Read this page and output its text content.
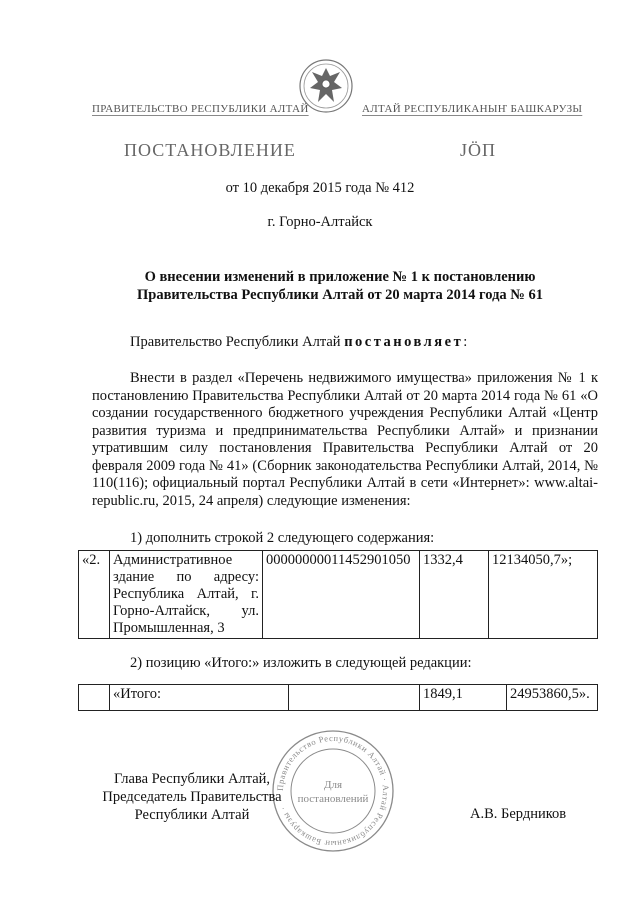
ПРАВИТЕЛЬСТВО РЕСПУБЛИКИ АЛТАЙ	АЛТАЙ РЕСПУБЛИКАНЫҤ БАШКАРУЗЫ
ПОСТАНОВЛЕНИЕ	JÖП
от 10 декабря 2015 года № 412
г. Горно-Алтайск
О внесении изменений в приложение № 1 к постановлению
Правительства Республики Алтай от 20 марта 2014 года № 61
Правительство Республики Алтай постановляет:
Внести в раздел «Перечень недвижимого имущества» приложения № 1 к постановлению Правительства Республики Алтай от 20 марта 2014 года № 61 «О создании государственного бюджетного учреждения Республики Алтай «Центр развития туризма и предпринимательства Республики Алтай» и признании утратившим силу постановления Правительства Республики Алтай от 20 февраля 2009 года № 41» (Сборник законодательства Республики Алтай, 2014, № 110(116); официальный портал Республики Алтай в сети «Интернет»: www.altai-republic.ru, 2015, 24 апреля) следующие изменения:
1) дополнить строкой 2 следующего содержания:
«2.	Административное здание по адресу: Республика Алтай, г. Горно-Алтайск, ул. Промышленная, 3	00000000011452901050	1332,4	12134050,7»;
2) позицию «Итого:» изложить в следующей редакции:
	«Итого:		1849,1	24953860,5».
Правительство Республики Алтай · Алтай Республиканыҥ Башкарузы ·
Для
постановлений
Глава Республики Алтай,
Председатель Правительства
Республики Алтай	А.В. Бердников
